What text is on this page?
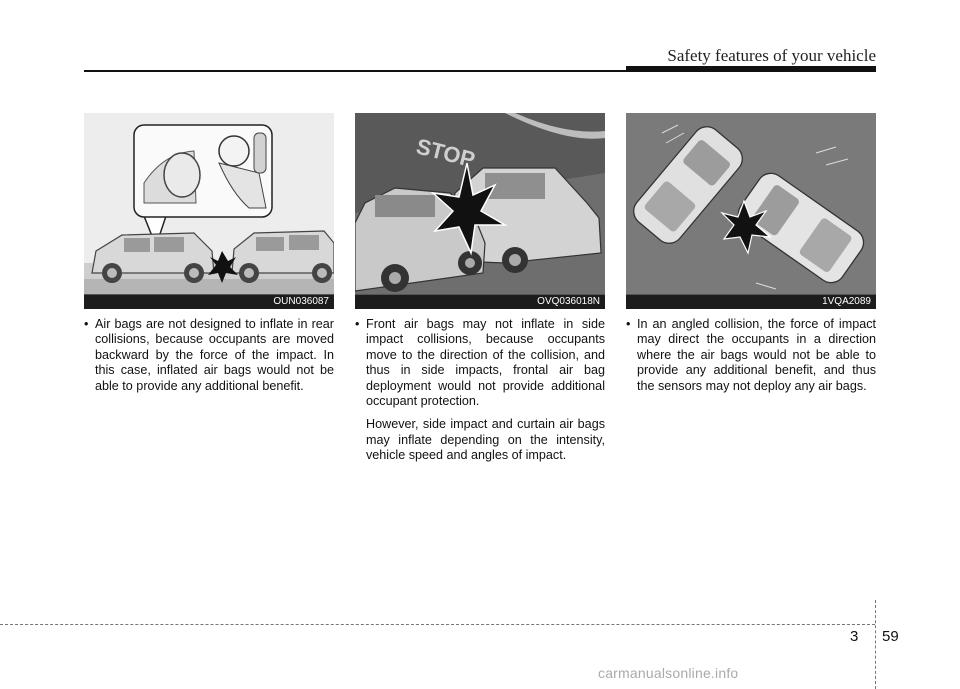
Safety features of your vehicle
OUN036087
STOP
OVQ036018N	1VQA2089
• Air bags are not designed to inflate in rear collisions, because occupants are moved backward by the force of the impact. In this case, inflated air bags would not be able to provide any additional benefit.
• Front air bags may not inflate in side impact collisions, because occupants move to the direction of the collision, and thus in side impacts, frontal air bag deployment would not provide additional occupant protection.
However, side impact and curtain air bags may inflate depending on the intensity, vehicle speed and angles of impact.
• In an angled collision, the force of impact may direct the occupants in a direction where the air bags would not be able to provide any additional benefit, and thus the sensors may not deploy any air bags.
3 59
carmanualsonline.info
